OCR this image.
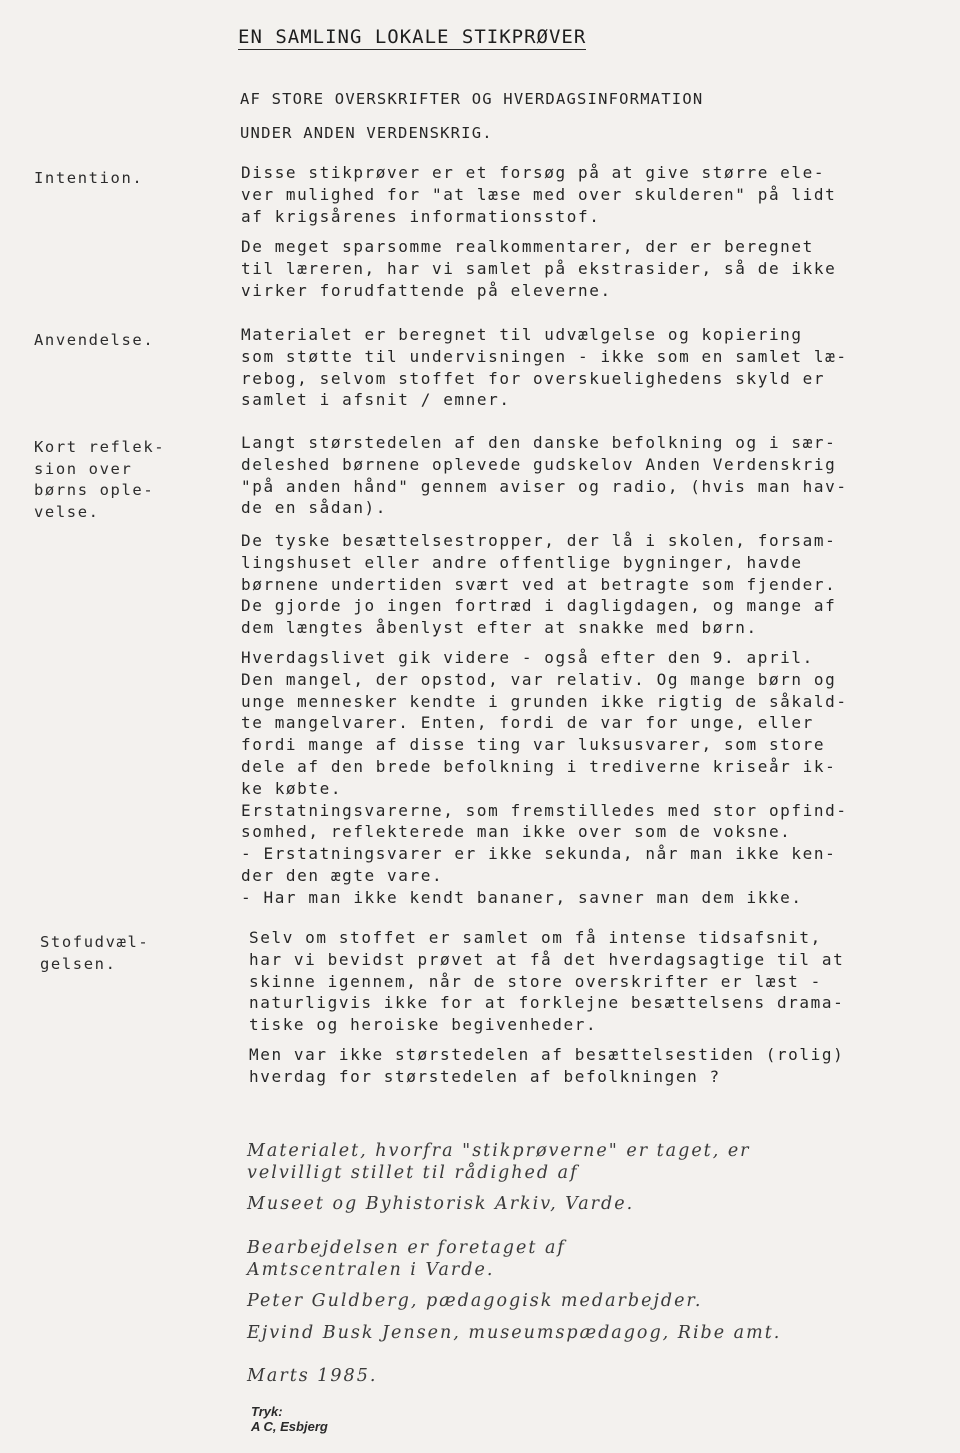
EN SAMLING LOKALE STIKPRØVER
AF STORE OVERSKRIFTER OG HVERDAGSINFORMATION
UNDER ANDEN VERDENSKRIG.
Intention.	Disse stikprøver er et forsøg på at give større ele-
ver mulighed for "at læse med over skulderen" på lidt
af krigsårenes informationsstof.
De meget sparsomme realkommentarer, der er beregnet
til læreren, har vi samlet på ekstrasider, så de ikke
virker forudfattende på eleverne.
Anvendelse.	Materialet er beregnet til udvælgelse og kopiering
som støtte til undervisningen - ikke som en samlet læ-
rebog, selvom stoffet for overskuelighedens skyld er
samlet i afsnit / emner.
Kort reflek-
sion over
børns ople-
velse.
Langt størstedelen af den danske befolkning og i sær-
deleshed børnene oplevede gudskelov Anden Verdenskrig
"på anden hånd" gennem aviser og radio, (hvis man hav-
de en sådan).
De tyske besættelsestropper, der lå i skolen, forsam-
lingshuset eller andre offentlige bygninger, havde
børnene undertiden svært ved at betragte som fjender.
De gjorde jo ingen fortræd i dagligdagen, og mange af
dem længtes åbenlyst efter at snakke med børn.
Hverdagslivet gik videre - også efter den 9. april.
Den mangel, der opstod, var relativ. Og mange børn og
unge mennesker kendte i grunden ikke rigtig de såkald-
te mangelvarer. Enten, fordi de var for unge, eller
fordi mange af disse ting var luksusvarer, som store
dele af den brede befolkning i trediverne kriseår ik-
ke købte.
Erstatningsvarerne, som fremstilledes med stor opfind-
somhed, reflekterede man ikke over som de voksne.
- Erstatningsvarer er ikke sekunda, når man ikke ken-
der den ægte vare.
- Har man ikke kendt bananer, savner man dem ikke.
Stofudvæl-
gelsen.
Selv om stoffet er samlet om få intense tidsafsnit,
har vi bevidst prøvet at få det hverdagsagtige til at
skinne igennem, når de store overskrifter er læst -
naturligvis ikke for at forklejne besættelsens drama-
tiske og heroiske begivenheder.
Men var ikke størstedelen af besættelsestiden (rolig)
hverdag for størstedelen af befolkningen ?
Materialet, hvorfra "stikprøverne" er taget, er
velvilligt stillet til rådighed af
Museet og Byhistorisk Arkiv, Varde.
Bearbejdelsen er foretaget af
Amtscentralen i Varde.
Peter Guldberg, pædagogisk medarbejder.
Ejvind Busk Jensen, museumspædagog, Ribe amt.
Marts 1985.
Tryk:
A C, Esbjerg
